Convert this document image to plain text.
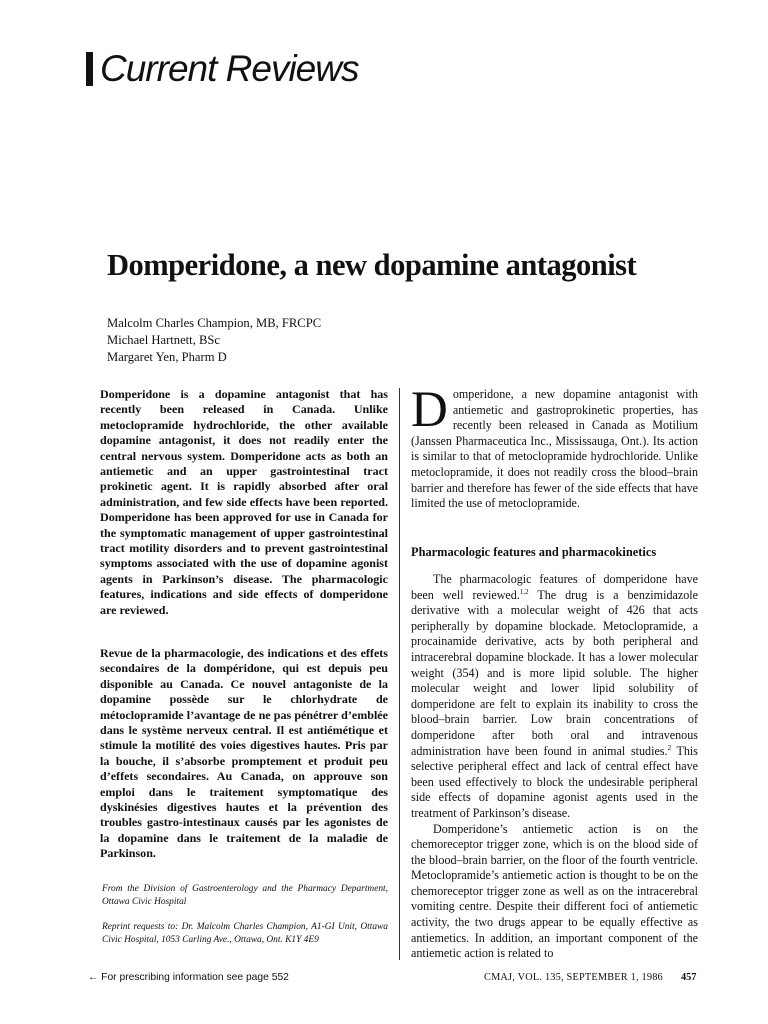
Current Reviews
Domperidone, a new dopamine antagonist
Malcolm Charles Champion, MB, FRCPC
Michael Hartnett, BSc
Margaret Yen, Pharm D

Domperidone is a dopamine antagonist that has recently been released in Canada. Unlike metoclopramide hydrochloride, the other available dopamine antagonist, it does not readily enter the central nervous system. Domperidone acts as both an antiemetic and an upper gastrointestinal tract prokinetic agent. It is rapidly absorbed after oral administration, and few side effects have been reported. Domperidone has been approved for use in Canada for the symptomatic management of upper gastrointestinal tract motility disorders and to prevent gastrointestinal symptoms associated with the use of dopamine agonist agents in Parkinson’s disease. The pharmacologic features, indications and side effects of domperidone are reviewed.

Revue de la pharmacologie, des indications et des effets secondaires de la dompéridone, qui est depuis peu disponible au Canada. Ce nouvel antagoniste de la dopamine possède sur le chlorhydrate de métoclopramide l’avantage de ne pas pénétrer d’emblée dans le système nerveux central. Il est antiémétique et stimule la motilité des voies digestives hautes. Pris par la bouche, il s’absorbe promptement et produit peu d’effets secondaires. Au Canada, on approuve son emploi dans le traitement symptomatique des dyskinésies digestives hautes et la prévention des troubles gastro-intestinaux causés par les agonistes de la dopamine dans le traitement de la maladie de Parkinson.

From the Division of Gastroenterology and the Pharmacy Department, Ottawa Civic Hospital

Reprint requests to: Dr. Malcolm Charles Champion, A1-GI Unit, Ottawa Civic Hospital, 1053 Carling Ave., Ottawa, Ont. K1Y 4E9

Domperidone, a new dopamine antagonist with antiemetic and gastroprokinetic properties, has recently been released in Canada as Motilium (Janssen Pharmaceutica Inc., Mississauga, Ont.). Its action is similar to that of metoclopramide hydrochloride. Unlike metoclopramide, it does not readily cross the blood–brain barrier and therefore has fewer of the side effects that have limited the use of metoclopramide.

Pharmacologic features and pharmacokinetics

The pharmacologic features of domperidone have been well reviewed.$^{1,2}$ The drug is a benzimidazole derivative with a molecular weight of 426 that acts peripherally by dopamine blockade. Metoclopramide, a procainamide derivative, acts by both peripheral and intracerebral dopamine blockade. It has a lower molecular weight (354) and is more lipid soluble. The higher molecular weight and lower lipid solubility of domperidone are felt to explain its inability to cross the blood–brain barrier. Low brain concentrations of domperidone after both oral and intravenous administration have been found in animal studies.$^2$ This selective peripheral effect and lack of central effect have been used effectively to block the undesirable peripheral side effects of dopamine agonist agents used in the treatment of Parkinson’s disease.

Domperidone’s antiemetic action is on the chemoreceptor trigger zone, which is on the blood side of the blood–brain barrier, on the floor of the fourth ventricle. Metoclopramide’s antiemetic action is thought to be on the chemoreceptor trigger zone as well as on the intracerebral vomiting centre. Despite their different foci of antiemetic activity, the two drugs appear to be equally effective as antiemetics. In addition, an important component of the antiemetic action is related to

← For prescribing information see page 552	CMAJ, VOL. 135, SEPTEMBER 1, 1986 457
